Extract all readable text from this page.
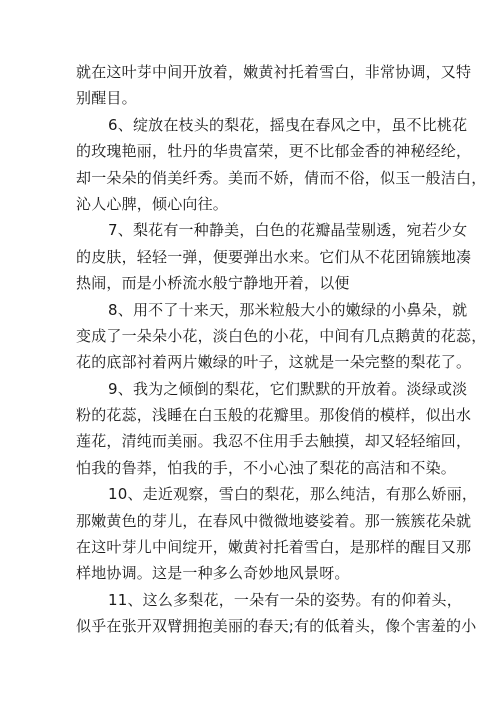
就在这叶芽中间开放着，嫩黄衬托着雪白，非常协调，又特
别醒目。
6、绽放在枝头的梨花，摇曳在春风之中，虽不比桃花
的玫瑰艳丽，牡丹的华贵富荣，更不比郁金香的神秘经纶，
却一朵朵的俏美纤秀。美而不娇，倩而不俗，似玉一般洁白，
沁人心脾，倾心向往。
7、梨花有一种静美，白色的花瓣晶莹剔透，宛若少女
的皮肤，轻轻一弹，便要弹出水来。它们从不花团锦簇地凑
热闹，而是小桥流水般宁静地开着，以便
8、用不了十来天，那米粒般大小的嫩绿的小鼻朵，就
变成了一朵朵小花，淡白色的小花，中间有几点鹅黄的花蕊，
花的底部衬着两片嫩绿的叶子，这就是一朵完整的梨花了。
9、我为之倾倒的梨花，它们默默的开放着。淡绿或淡
粉的花蕊，浅睡在白玉般的花瓣里。那俊俏的模样，似出水
莲花，清纯而美丽。我忍不住用手去触摸，却又轻轻缩回，
怕我的鲁莽，怕我的手，不小心浊了梨花的高洁和不染。
10、走近观察，雪白的梨花，那么纯洁，有那么娇丽，
那嫩黄色的芽儿，在春风中微微地婆娑着。那一簇簇花朵就
在这叶芽儿中间绽开，嫩黄衬托着雪白，是那样的醒目又那
样地协调。这是一种多么奇妙地风景呀。
11、这么多梨花，一朵有一朵的姿势。有的仰着头，
似乎在张开双臂拥抱美丽的春天;有的低着头，像个害羞的小
